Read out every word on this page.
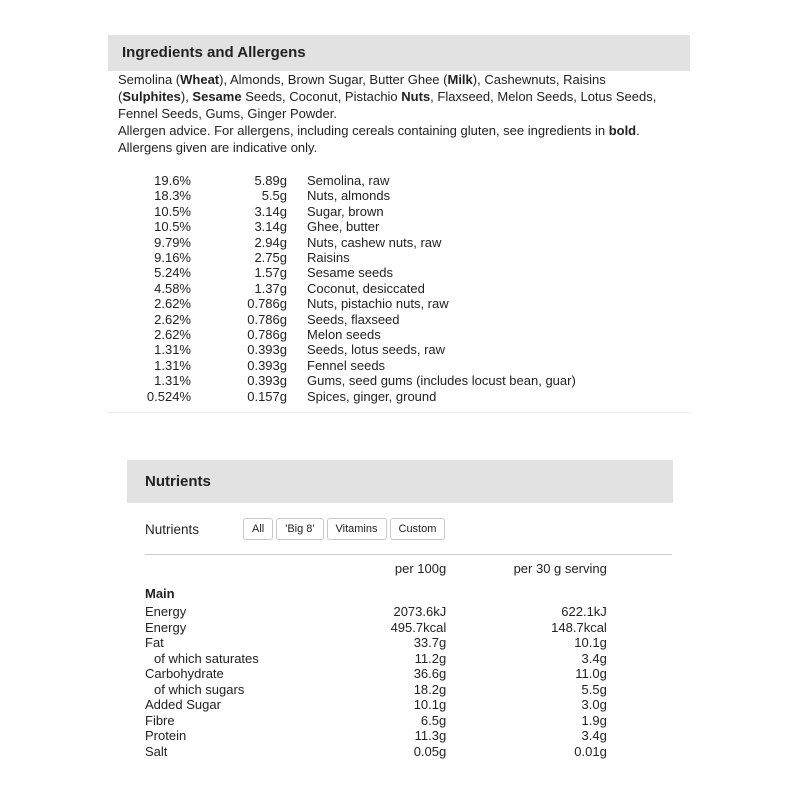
Ingredients and Allergens

Semolina (Wheat), Almonds, Brown Sugar, Butter Ghee (Milk), Cashewnuts, Raisins (Sulphites), Sesame Seeds, Coconut, Pistachio Nuts, Flaxseed, Melon Seeds, Lotus Seeds, Fennel Seeds, Gums, Ginger Powder.

Allergen advice. For allergens, including cereals containing gluten, see ingredients in bold.

Allergens given are indicative only.

19.6%	5.89g	Semolina, raw
18.3%	5.5g	Nuts, almonds
10.5%	3.14g	Sugar, brown
10.5%	3.14g	Ghee, butter
9.79%	2.94g	Nuts, cashew nuts, raw
9.16%	2.75g	Raisins
5.24%	1.57g	Sesame seeds
4.58%	1.37g	Coconut, desiccated
2.62%	0.786g	Nuts, pistachio nuts, raw
2.62%	0.786g	Seeds, flaxseed
2.62%	0.786g	Melon seeds
1.31%	0.393g	Seeds, lotus seeds, raw
1.31%	0.393g	Fennel seeds
1.31%	0.393g	Gums, seed gums (includes locust bean, guar)
0.524%	0.157g	Spices, ginger, ground
Nutrients
Nutrients	All	'Big 8'	Vitamins	Custom
	per 100g	per 30 g serving	
Main			
Energy	2073.6kJ	622.1kJ	
Energy	495.7kcal	148.7kcal	
Fat	33.7g	10.1g	
of which saturates	11.2g	3.4g	
Carbohydrate	36.6g	11.0g	
of which sugars	18.2g	5.5g	
Added Sugar	10.1g	3.0g	
Fibre	6.5g	1.9g	
Protein	11.3g	3.4g	
Salt	0.05g	0.01g	
